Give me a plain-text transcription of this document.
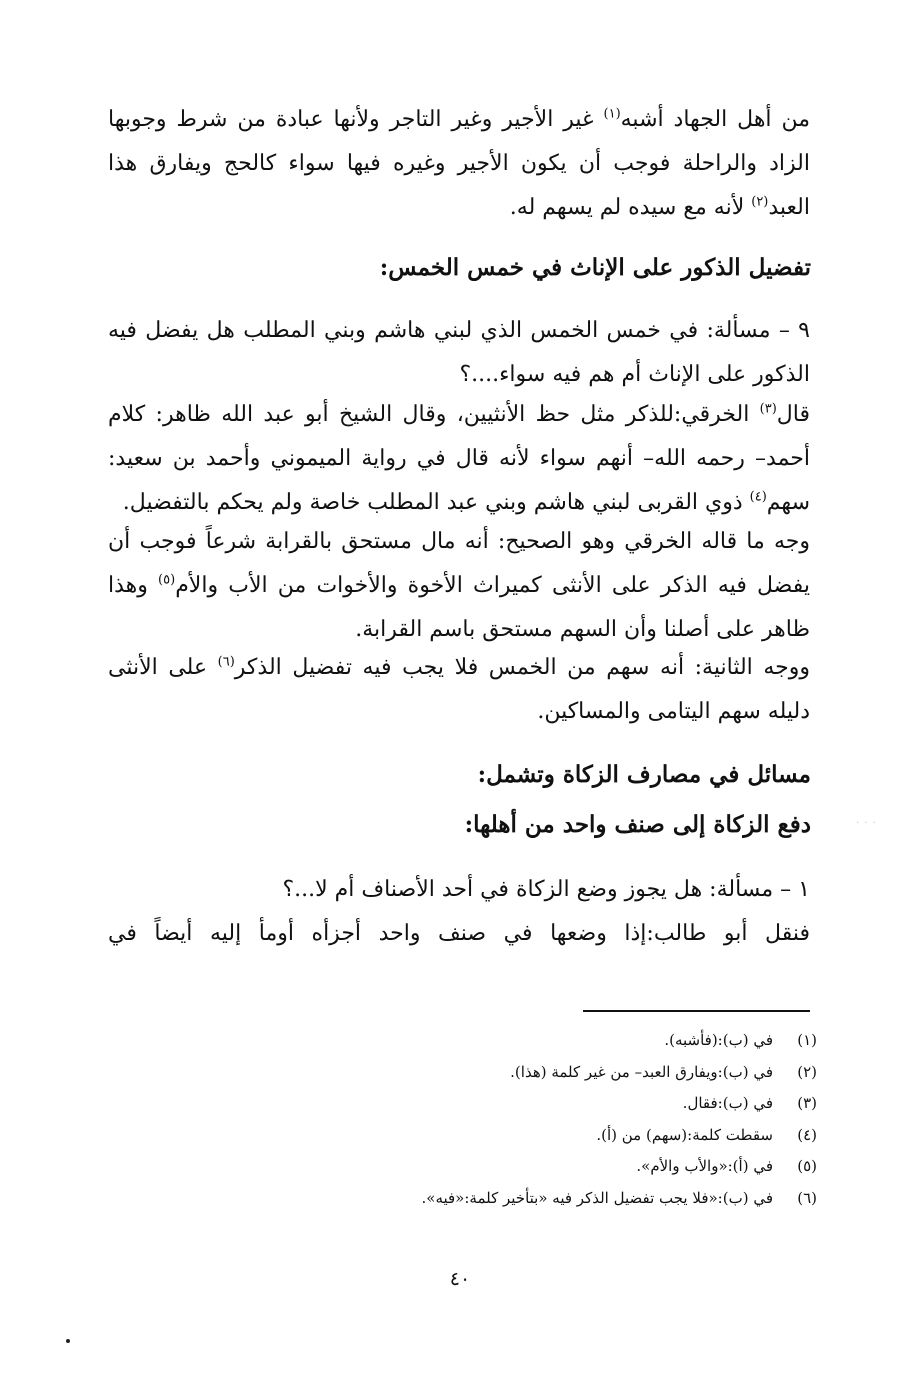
من أهل الجهاد أشبه$^{(١)}$ غير الأجير وغير التاجر ولأنها عبادة من شرط وجوبها الزاد والراحلة فوجب أن يكون الأجير وغيره فيها سواء كالحج ويفارق هذا العبد$^{(٢)}$ لأنه مع سيده لم يسهم له.

تفضيل الذكور على الإناث في خمس الخمس:

٩ – مسألة: في خمس الخمس الذي لبني هاشم وبني المطلب هل يفضل فيه الذكور على الإناث أم هم فيه سواء....؟

قال$^{(٣)}$ الخرقي:للذكر مثل حظ الأنثيين، وقال الشيخ أبو عبد الله ظاهر: كلام أحمد– رحمه الله– أنهم سواء لأنه قال في رواية الميموني وأحمد بن سعيد: سهم$^{(٤)}$ ذوي القربى لبني هاشم وبني عبد المطلب خاصة ولم يحكم بالتفضيل.

وجه ما قاله الخرقي وهو الصحيح: أنه مال مستحق بالقرابة شرعاً فوجب أن يفضل فيه الذكر على الأنثى كميراث الأخوة والأخوات من الأب والأم$^{(٥)}$ وهذا ظاهر على أصلنا وأن السهم مستحق باسم القرابة.

ووجه الثانية: أنه سهم من الخمس فلا يجب فيه تفضيل الذكر$^{(٦)}$ على الأنثى دليله سهم اليتامى والمساكين.

مسائل في مصارف الزكاة وتشمل:
دفع الزكاة إلى صنف واحد من أهلها:	· · ·

١ – مسألة: هل يجوز وضع الزكاة في أحد الأصناف أم لا...؟

فنقل أبو طالب:إذا وضعها في صنف واحد أجزأه أومأ إليه أيضاً في

(١)
في (ب):(فأشبه).
(٢)
في (ب):ويفارق العبد– من غير كلمة (هذا).
(٣)
في (ب):فقال.
(٤)
سقطت كلمة:(سهم) من (أ).
(٥)
في (أ):«والأب والأم».
(٦)
في (ب):«فلا يجب تفضيل الذكر فيه «بتأخير كلمة:«فيه».
٤٠
